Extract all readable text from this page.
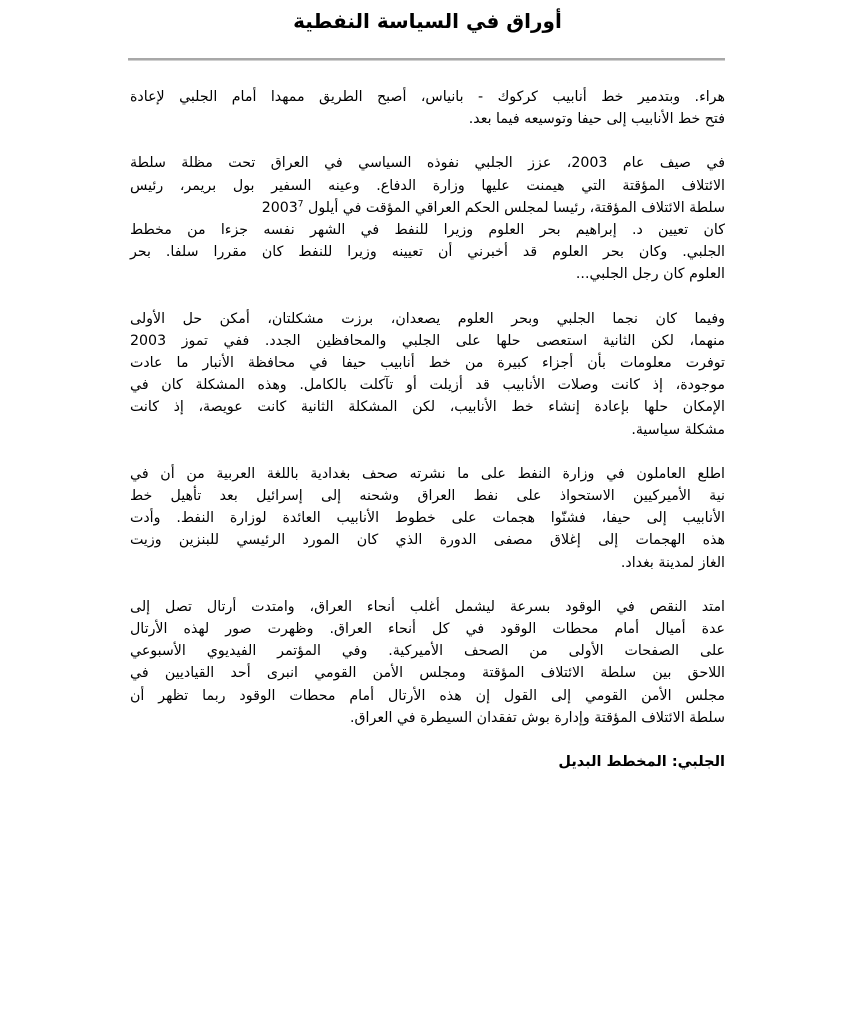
أوراق في السياسة النفطية

هراء. وبتدمير خط أنابيب كركوك - بانياس، أصبح الطريق ممهدا أمام الجلبي لإعادة
فتح خط الأنابيب إلى حيفا وتوسيعه فيما بعد.

في صيف عام 2003، عزز الجلبي نفوذه السياسي في العراق تحت مظلة سلطة
الائتلاف المؤقتة التي هيمنت عليها وزارة الدفاع. وعينه السفير بول بريمر، رئيس
سلطة الائتلاف المؤقتة، رئيسا لمجلس الحكم العراقي المؤقت في أيلول 2003$^7$
كان تعيين د. إبراهيم بحر العلوم وزيرا للنفط في الشهر نفسه جزءا من مخطط
الجلبي. وكان بحر العلوم قد أخبرني أن تعيينه وزيرا للنفط كان مقررا سلفا. بحر
العلوم كان رجل الجلبي...

وفيما كان نجما الجلبي وبحر العلوم يصعدان، برزت مشكلتان، أمكن حل الأولى
منهما، لكن الثانية استعصى حلها على الجلبي والمحافظين الجدد. ففي تموز 2003
توفرت معلومات بأن أجزاء كبيرة من خط أنابيب حيفا في محافظة الأنبار ما عادت
موجودة، إذ كانت وصلات الأنابيب قد أزيلت أو تآكلت بالكامل. وهذه المشكلة كان في
الإمكان حلها بإعادة إنشاء خط الأنابيب، لكن المشكلة الثانية كانت عويصة، إذ كانت
مشكلة سياسية.

اطلع العاملون في وزارة النفط على ما نشرته صحف بغدادية باللغة العربية من أن في
نية الأميركيين الاستحواذ على نفط العراق وشحنه إلى إسرائيل بعد تأهيل خط
الأنابيب إلى حيفا، فشنّوا هجمات على خطوط الأنابيب العائدة لوزارة النفط. وأدت
هذه الهجمات إلى إغلاق مصفى الدورة الذي كان المورد الرئيسي للبنزين وزيت
الغاز لمدينة بغداد.

امتد النقص في الوقود بسرعة ليشمل أغلب أنحاء العراق، وامتدت أرتال تصل إلى
عدة أميال أمام محطات الوقود في كل أنحاء العراق. وظهرت صور لهذه الأرتال
على الصفحات الأولى من الصحف الأميركية. وفي المؤتمر الفيديوي الأسبوعي
اللاحق بين سلطة الائتلاف المؤقتة ومجلس الأمن القومي انبرى أحد القياديين في
مجلس الأمن القومي إلى القول إن هذه الأرتال أمام محطات الوقود ربما تظهر أن
سلطة الائتلاف المؤقتة وإدارة بوش تفقدان السيطرة في العراق.

الجلبي: المخطط البديل
